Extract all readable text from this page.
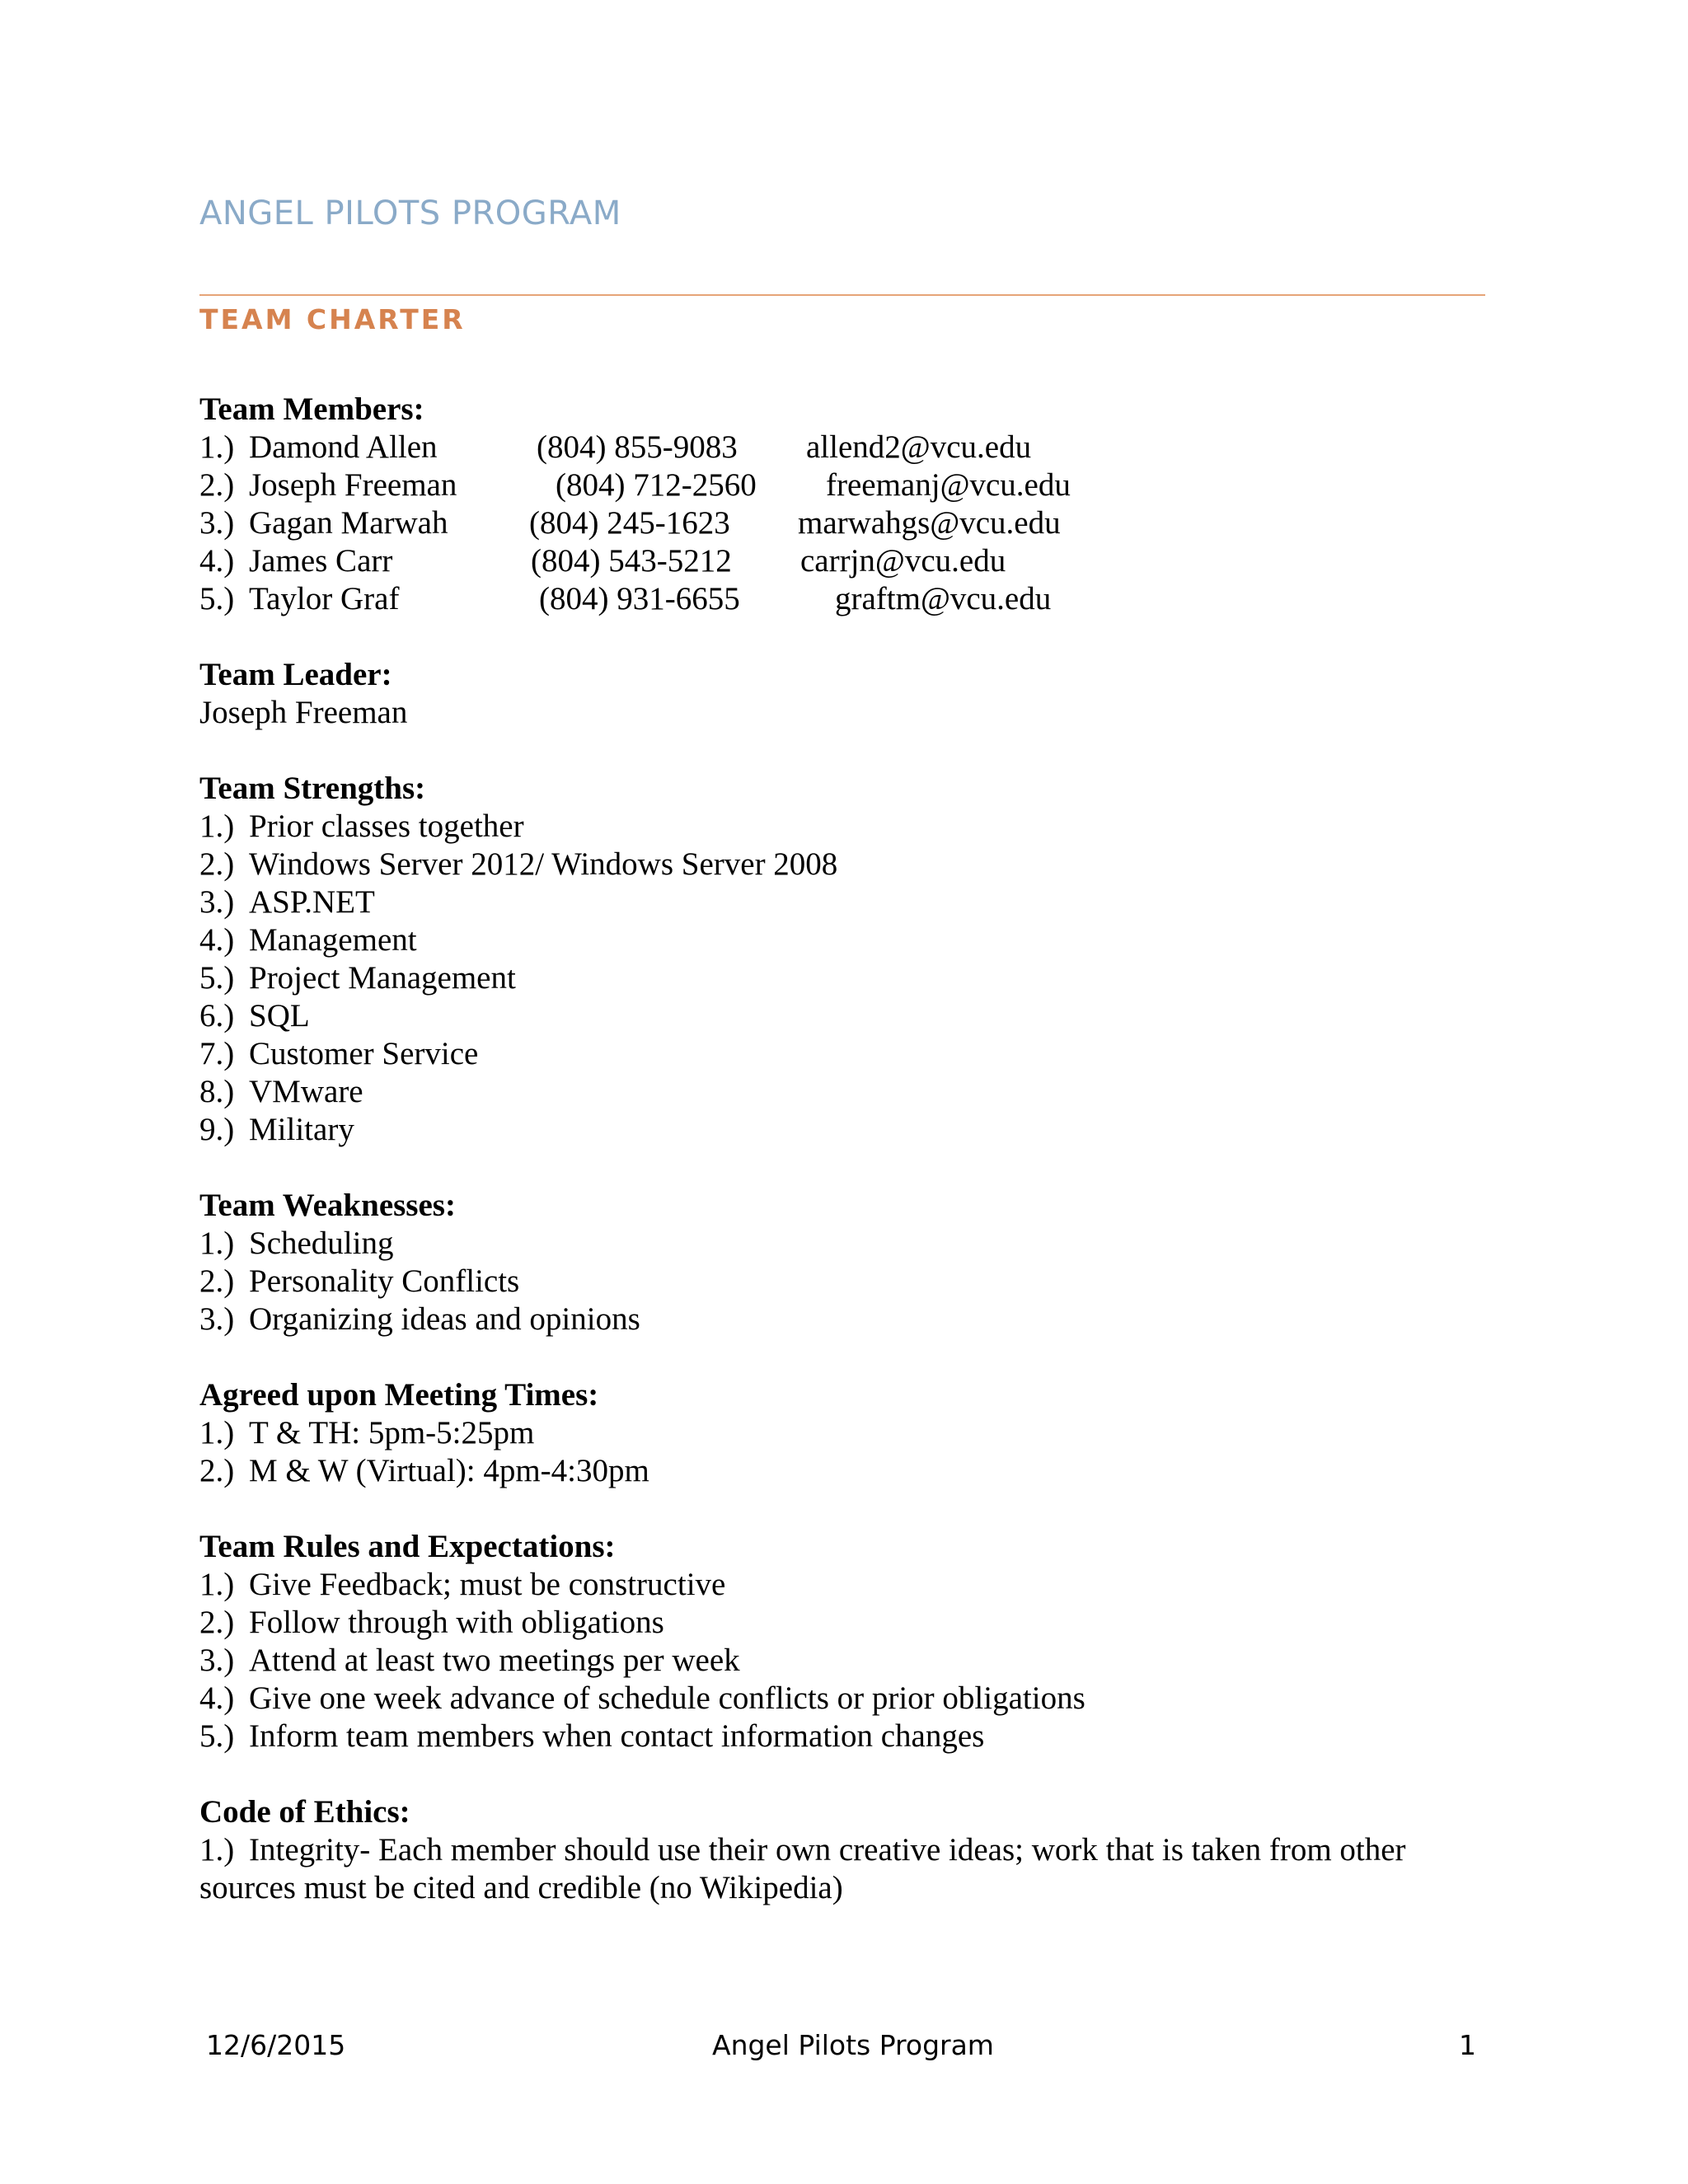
ANGEL PILOTS PROGRAM
TEAM CHARTER
Team Members:
1.) Damond Allen	(804) 855-9083 allend2@vcu.edu
2.) Joseph Freeman	(804) 712-2560 freemanj@vcu.edu
3.) Gagan Marwah	(804) 245-1623 marwahgs@vcu.edu
4.) James Carr	(804) 543-5212 carrjn@vcu.edu
5.) Taylor Graf	(804) 931-6655	graftm@vcu.edu
Team Leader:
Joseph Freeman
Team Strengths:
1.) Prior classes together
2.) Windows Server 2012/ Windows Server 2008
3.) ASP.NET
4.) Management
5.) Project Management
6.) SQL
7.) Customer Service
8.) VMware
9.) Military
Team Weaknesses:
1.) Scheduling
2.) Personality Conflicts
3.) Organizing ideas and opinions
Agreed upon Meeting Times:
1.) T & TH: 5pm-5:25pm
2.) M & W (Virtual): 4pm-4:30pm
Team Rules and Expectations:
1.) Give Feedback; must be constructive
2.) Follow through with obligations
3.) Attend at least two meetings per week
4.) Give one week advance of schedule conflicts or prior obligations
5.) Inform team members when contact information changes
Code of Ethics:
1.) Integrity- Each member should use their own creative ideas; work that is taken from other
sources must be cited and credible (no Wikipedia)
12/6/2015	Angel Pilots Program	1
